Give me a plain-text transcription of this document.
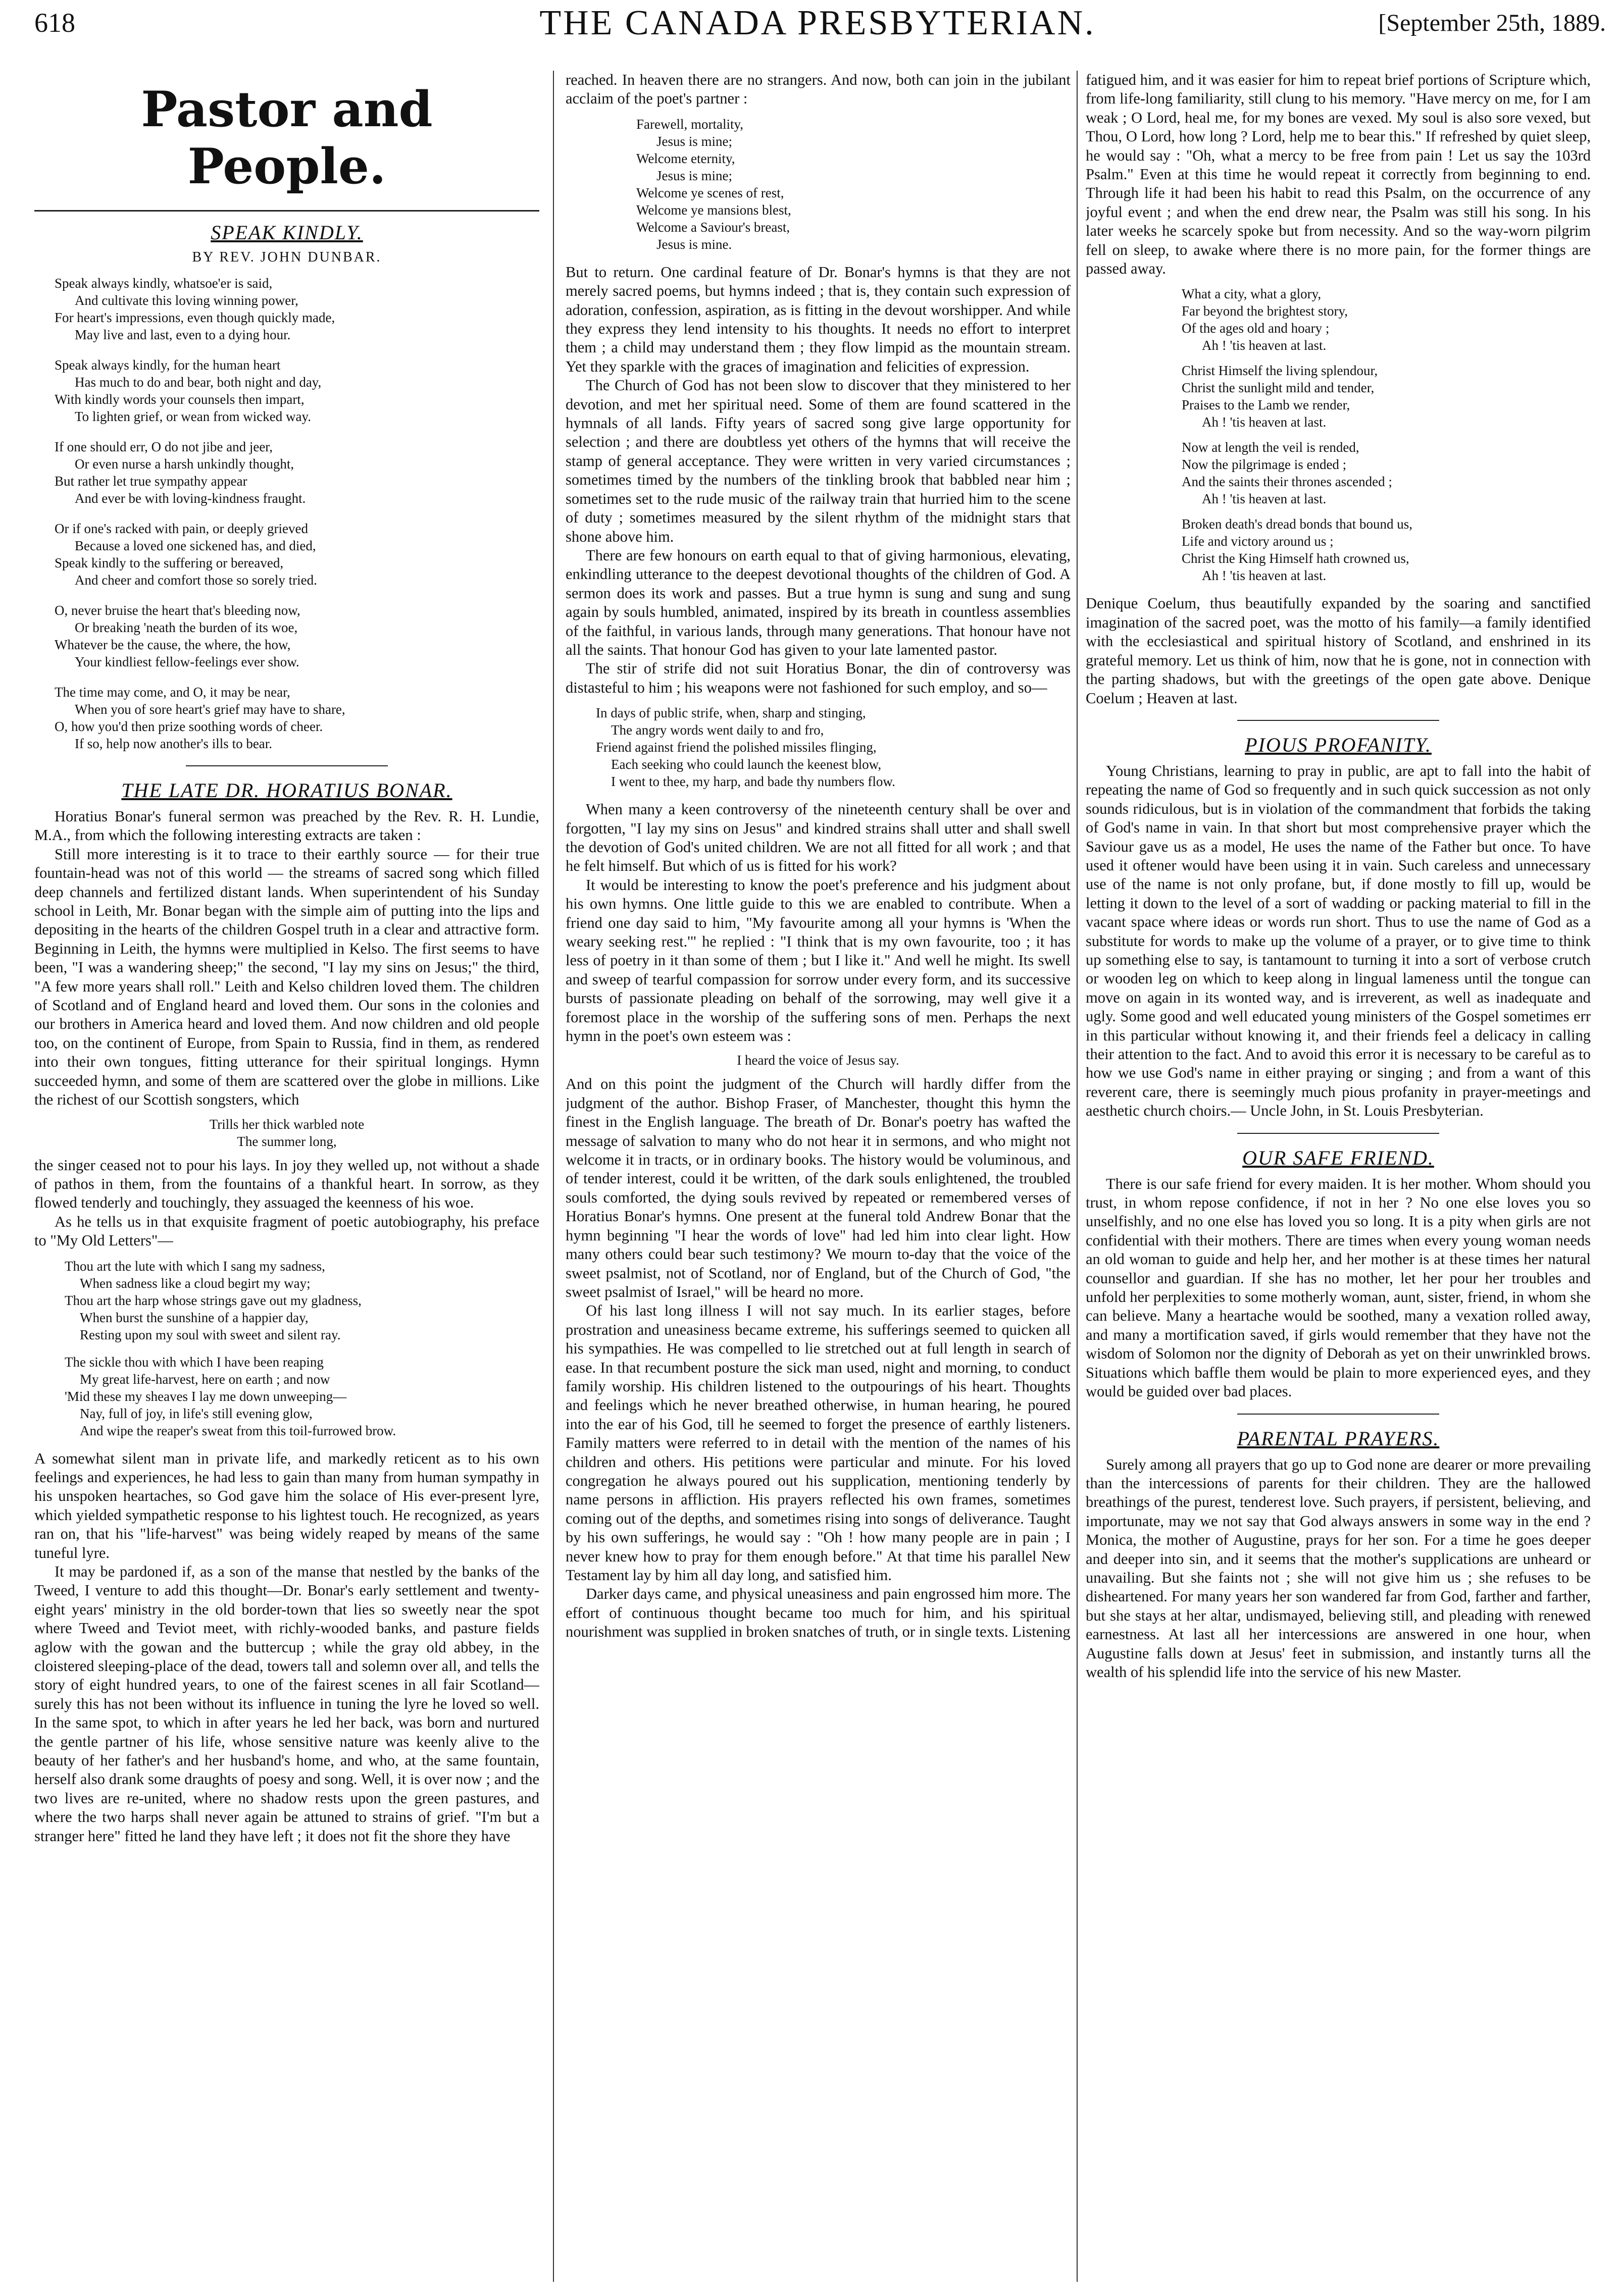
618	THE CANADA PRESBYTERIAN.	[September 25th, 1889.
Pastor and People.
SPEAK KINDLY.
BY REV. JOHN DUNBAR.
Speak always kindly, whatsoe'er is said,
And cultivate this loving winning power,
For heart's impressions, even though quickly made,
May live and last, even to a dying hour.
Speak always kindly, for the human heart
Has much to do and bear, both night and day,
With kindly words your counsels then impart,
To lighten grief, or wean from wicked way.
If one should err, O do not jibe and jeer,
Or even nurse a harsh unkindly thought,
But rather let true sympathy appear
And ever be with loving-kindness fraught.
Or if one's racked with pain, or deeply grieved
Because a loved one sickened has, and died,
Speak kindly to the suffering or bereaved,
And cheer and comfort those so sorely tried.
O, never bruise the heart that's bleeding now,
Or breaking 'neath the burden of its woe,
Whatever be the cause, the where, the how,
Your kindliest fellow-feelings ever show.
The time may come, and O, it may be near,
When you of sore heart's grief may have to share,
O, how you'd then prize soothing words of cheer.
If so, help now another's ills to bear.
THE LATE DR. HORATIUS BONAR.

Horatius Bonar's funeral sermon was preached by the Rev. R. H. Lundie, M.A., from which the following interesting extracts are taken :

Still more interesting is it to trace to their earthly source — for their true fountain-head was not of this world — the streams of sacred song which filled deep channels and fertilized distant lands. When superintendent of his Sunday school in Leith, Mr. Bonar began with the simple aim of putting into the lips and depositing in the hearts of the children Gospel truth in a clear and attractive form. Beginning in Leith, the hymns were multiplied in Kelso. The first seems to have been, "I was a wandering sheep;" the second, "I lay my sins on Jesus;" the third, "A few more years shall roll." Leith and Kelso children loved them. The children of Scotland and of England heard and loved them. Our sons in the colonies and our brothers in America heard and loved them. And now children and old people too, on the continent of Europe, from Spain to Russia, find in them, as rendered into their own tongues, fitting utterance for their spiritual longings. Hymn succeeded hymn, and some of them are scattered over the globe in millions. Like the richest of our Scottish songsters, which

Trills her thick warbled note
The summer long,

the singer ceased not to pour his lays. In joy they welled up, not without a shade of pathos in them, from the fountains of a thankful heart. In sorrow, as they flowed tenderly and touchingly, they assuaged the keenness of his woe.

As he tells us in that exquisite fragment of poetic autobiography, his preface to "My Old Letters"—

Thou art the lute with which I sang my sadness,
When sadness like a cloud begirt my way;
Thou art the harp whose strings gave out my gladness,
When burst the sunshine of a happier day,
Resting upon my soul with sweet and silent ray.
The sickle thou with which I have been reaping
My great life-harvest, here on earth ; and now
'Mid these my sheaves I lay me down unweeping—
Nay, full of joy, in life's still evening glow,
And wipe the reaper's sweat from this toil-furrowed brow.

A somewhat silent man in private life, and markedly reticent as to his own feelings and experiences, he had less to gain than many from human sympathy in his unspoken heartaches, so God gave him the solace of His ever-present lyre, which yielded sympathetic response to his lightest touch. He recognized, as years ran on, that his "life-harvest" was being widely reaped by means of the same tuneful lyre.

It may be pardoned if, as a son of the manse that nestled by the banks of the Tweed, I venture to add this thought—Dr. Bonar's early settlement and twenty-eight years' ministry in the old border-town that lies so sweetly near the spot where Tweed and Teviot meet, with richly-wooded banks, and pasture fields aglow with the gowan and the buttercup ; while the gray old abbey, in the cloistered sleeping-place of the dead, towers tall and solemn over all, and tells the story of eight hundred years, to one of the fairest scenes in all fair Scotland—surely this has not been without its influence in tuning the lyre he loved so well. In the same spot, to which in after years he led her back, was born and nurtured the gentle partner of his life, whose sensitive nature was keenly alive to the beauty of her father's and her husband's home, and who, at the same fountain, herself also drank some draughts of poesy and song. Well, it is over now ; and the two lives are re-united, where no shadow rests upon the green pastures, and where the two harps shall never again be attuned to strains of grief. "I'm but a stranger here" fitted he land they have left ; it does not fit the shore they have

reached. In heaven there are no strangers. And now, both can join in the jubilant acclaim of the poet's partner :

Farewell, mortality,
Jesus is mine;
Welcome eternity,
Jesus is mine;
Welcome ye scenes of rest,
Welcome ye mansions blest,
Welcome a Saviour's breast,
Jesus is mine.

But to return. One cardinal feature of Dr. Bonar's hymns is that they are not merely sacred poems, but hymns indeed ; that is, they contain such expression of adoration, confession, aspiration, as is fitting in the devout worshipper. And while they express they lend intensity to his thoughts. It needs no effort to interpret them ; a child may understand them ; they flow limpid as the mountain stream. Yet they sparkle with the graces of imagination and felicities of expression.

The Church of God has not been slow to discover that they ministered to her devotion, and met her spiritual need. Some of them are found scattered in the hymnals of all lands. Fifty years of sacred song give large opportunity for selection ; and there are doubtless yet others of the hymns that will receive the stamp of general acceptance. They were written in very varied circumstances ; sometimes timed by the numbers of the tinkling brook that babbled near him ; sometimes set to the rude music of the railway train that hurried him to the scene of duty ; sometimes measured by the silent rhythm of the midnight stars that shone above him.

There are few honours on earth equal to that of giving harmonious, elevating, enkindling utterance to the deepest devotional thoughts of the children of God. A sermon does its work and passes. But a true hymn is sung and sung and sung again by souls humbled, animated, inspired by its breath in countless assemblies of the faithful, in various lands, through many generations. That honour have not all the saints. That honour God has given to your late lamented pastor.

The stir of strife did not suit Horatius Bonar, the din of controversy was distasteful to him ; his weapons were not fashioned for such employ, and so—

In days of public strife, when, sharp and stinging,
The angry words went daily to and fro,
Friend against friend the polished missiles flinging,
Each seeking who could launch the keenest blow,
I went to thee, my harp, and bade thy numbers flow.

When many a keen controversy of the nineteenth century shall be over and forgotten, "I lay my sins on Jesus" and kindred strains shall utter and shall swell the devotion of God's united children. We are not all fitted for all work ; and that he felt himself. But which of us is fitted for his work?

It would be interesting to know the poet's preference and his judgment about his own hymns. One little guide to this we are enabled to contribute. When a friend one day said to him, "My favourite among all your hymns is 'When the weary seeking rest.'" he replied : "I think that is my own favourite, too ; it has less of poetry in it than some of them ; but I like it." And well he might. Its swell and sweep of tearful compassion for sorrow under every form, and its successive bursts of passionate pleading on behalf of the sorrowing, may well give it a foremost place in the worship of the suffering sons of men. Perhaps the next hymn in the poet's own esteem was :

I heard the voice of Jesus say.

And on this point the judgment of the Church will hardly differ from the judgment of the author. Bishop Fraser, of Manchester, thought this hymn the finest in the English language. The breath of Dr. Bonar's poetry has wafted the message of salvation to many who do not hear it in sermons, and who might not welcome it in tracts, or in ordinary books. The history would be voluminous, and of tender interest, could it be written, of the dark souls enlightened, the troubled souls comforted, the dying souls revived by repeated or remembered verses of Horatius Bonar's hymns. One present at the funeral told Andrew Bonar that the hymn beginning "I hear the words of love" had led him into clear light. How many others could bear such testimony? We mourn to-day that the voice of the sweet psalmist, not of Scotland, nor of England, but of the Church of God, "the sweet psalmist of Israel," will be heard no more.

Of his last long illness I will not say much. In its earlier stages, before prostration and uneasiness became extreme, his sufferings seemed to quicken all his sympathies. He was compelled to lie stretched out at full length in search of ease. In that recumbent posture the sick man used, night and morning, to conduct family worship. His children listened to the outpourings of his heart. Thoughts and feelings which he never breathed otherwise, in human hearing, he poured into the ear of his God, till he seemed to forget the presence of earthly listeners. Family matters were referred to in detail with the mention of the names of his children and others. His petitions were particular and minute. For his loved congregation he always poured out his supplication, mentioning tenderly by name persons in affliction. His prayers reflected his own frames, sometimes coming out of the depths, and sometimes rising into songs of deliverance. Taught by his own sufferings, he would say : "Oh ! how many people are in pain ; I never knew how to pray for them enough before." At that time his parallel New Testament lay by him all day long, and satisfied him.

Darker days came, and physical uneasiness and pain engrossed him more. The effort of continuous thought became too much for him, and his spiritual nourishment was supplied in broken snatches of truth, or in single texts. Listening

fatigued him, and it was easier for him to repeat brief portions of Scripture which, from life-long familiarity, still clung to his memory. "Have mercy on me, for I am weak ; O Lord, heal me, for my bones are vexed. My soul is also sore vexed, but Thou, O Lord, how long ? Lord, help me to bear this." If refreshed by quiet sleep, he would say : "Oh, what a mercy to be free from pain ! Let us say the 103rd Psalm." Even at this time he would repeat it correctly from beginning to end. Through life it had been his habit to read this Psalm, on the occurrence of any joyful event ; and when the end drew near, the Psalm was still his song. In his later weeks he scarcely spoke but from necessity. And so the way-worn pilgrim fell on sleep, to awake where there is no more pain, for the former things are passed away.

What a city, what a glory,
Far beyond the brightest story,
Of the ages old and hoary ;
Ah ! 'tis heaven at last.
Christ Himself the living splendour,
Christ the sunlight mild and tender,
Praises to the Lamb we render,
Ah ! 'tis heaven at last.
Now at length the veil is rended,
Now the pilgrimage is ended ;
And the saints their thrones ascended ;
Ah ! 'tis heaven at last.
Broken death's dread bonds that bound us,
Life and victory around us ;
Christ the King Himself hath crowned us,
Ah ! 'tis heaven at last.

Denique Coelum, thus beautifully expanded by the soaring and sanctified imagination of the sacred poet, was the motto of his family—a family identified with the ecclesiastical and spiritual history of Scotland, and enshrined in its grateful memory. Let us think of him, now that he is gone, not in connection with the parting shadows, but with the greetings of the open gate above. Denique Coelum ; Heaven at last.

PIOUS PROFANITY.

Young Christians, learning to pray in public, are apt to fall into the habit of repeating the name of God so frequently and in such quick succession as not only sounds ridiculous, but is in violation of the commandment that forbids the taking of God's name in vain. In that short but most comprehensive prayer which the Saviour gave us as a model, He uses the name of the Father but once. To have used it oftener would have been using it in vain. Such careless and unnecessary use of the name is not only profane, but, if done mostly to fill up, would be letting it down to the level of a sort of wadding or packing material to fill in the vacant space where ideas or words run short. Thus to use the name of God as a substitute for words to make up the volume of a prayer, or to give time to think up something else to say, is tantamount to turning it into a sort of verbose crutch or wooden leg on which to keep along in lingual lameness until the tongue can move on again in its wonted way, and is irreverent, as well as inadequate and ugly. Some good and well educated young ministers of the Gospel sometimes err in this particular without knowing it, and their friends feel a delicacy in calling their attention to the fact. And to avoid this error it is necessary to be careful as to how we use God's name in either praying or singing ; and from a want of this reverent care, there is seemingly much pious profanity in prayer-meetings and aesthetic church choirs.— Uncle John, in St. Louis Presbyterian.

OUR SAFE FRIEND.

There is our safe friend for every maiden. It is her mother. Whom should you trust, in whom repose confidence, if not in her ? No one else loves you so unselfishly, and no one else has loved you so long. It is a pity when girls are not confidential with their mothers. There are times when every young woman needs an old woman to guide and help her, and her mother is at these times her natural counsellor and guardian. If she has no mother, let her pour her troubles and unfold her perplexities to some motherly woman, aunt, sister, friend, in whom she can believe. Many a heartache would be soothed, many a vexation rolled away, and many a mortification saved, if girls would remember that they have not the wisdom of Solomon nor the dignity of Deborah as yet on their unwrinkled brows. Situations which baffle them would be plain to more experienced eyes, and they would be guided over bad places.

PARENTAL PRAYERS.

Surely among all prayers that go up to God none are dearer or more prevailing than the intercessions of parents for their children. They are the hallowed breathings of the purest, tenderest love. Such prayers, if persistent, believing, and importunate, may we not say that God always answers in some way in the end ? Monica, the mother of Augustine, prays for her son. For a time he goes deeper and deeper into sin, and it seems that the mother's supplications are unheard or unavailing. But she faints not ; she will not give him us ; she refuses to be disheartened. For many years her son wandered far from God, farther and farther, but she stays at her altar, undismayed, believing still, and pleading with renewed earnestness. At last all her intercessions are answered in one hour, when Augustine falls down at Jesus' feet in submission, and instantly turns all the wealth of his splendid life into the service of his new Master.
